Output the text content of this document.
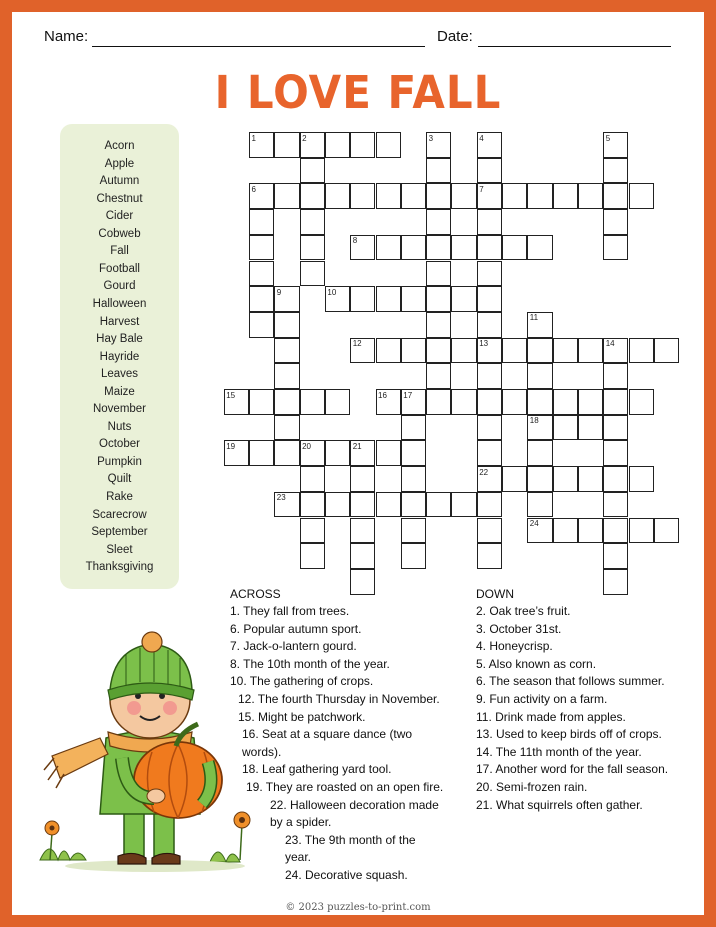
Name:	Date:
I LOVE FALL
Acorn
Apple
Autumn
Chestnut
Cider
Cobweb
Fall
Football
Gourd
Halloween
Harvest
Hay Bale
Hayride
Leaves
Maize
November
Nuts
October
Pumpkin
Quilt
Rake
Scarecrow
September
Sleet
Thanksgiving
1	2	3	4	5
6	7
8
9	10
11
12	13	14
15	16 17
18
19	20	21
22
23
24
ACROSS
1. They fall from trees.
6. Popular autumn sport.
7. Jack-o-lantern gourd.
8. The 10th month of the year.
10. The gathering of crops.
12. The fourth Thursday in November.
15. Might be patchwork.
16. Seat at a square dance (two
words).
18. Leaf gathering yard tool.
19. They are roasted on an open fire.
22. Halloween decoration made
by a spider.
23. The 9th month of the
year.
24. Decorative squash.
DOWN
2. Oak tree’s fruit.
3. October 31st.
4. Honeycrisp.
5. Also known as corn.
6. The season that follows summer.
9. Fun activity on a farm.
11. Drink made from apples.
13. Used to keep birds off of crops.
14. The 11th month of the year.
17. Another word for the fall season.
20. Semi-frozen rain.
21. What squirrels often gather.
© 2023 puzzles-to-print.com
